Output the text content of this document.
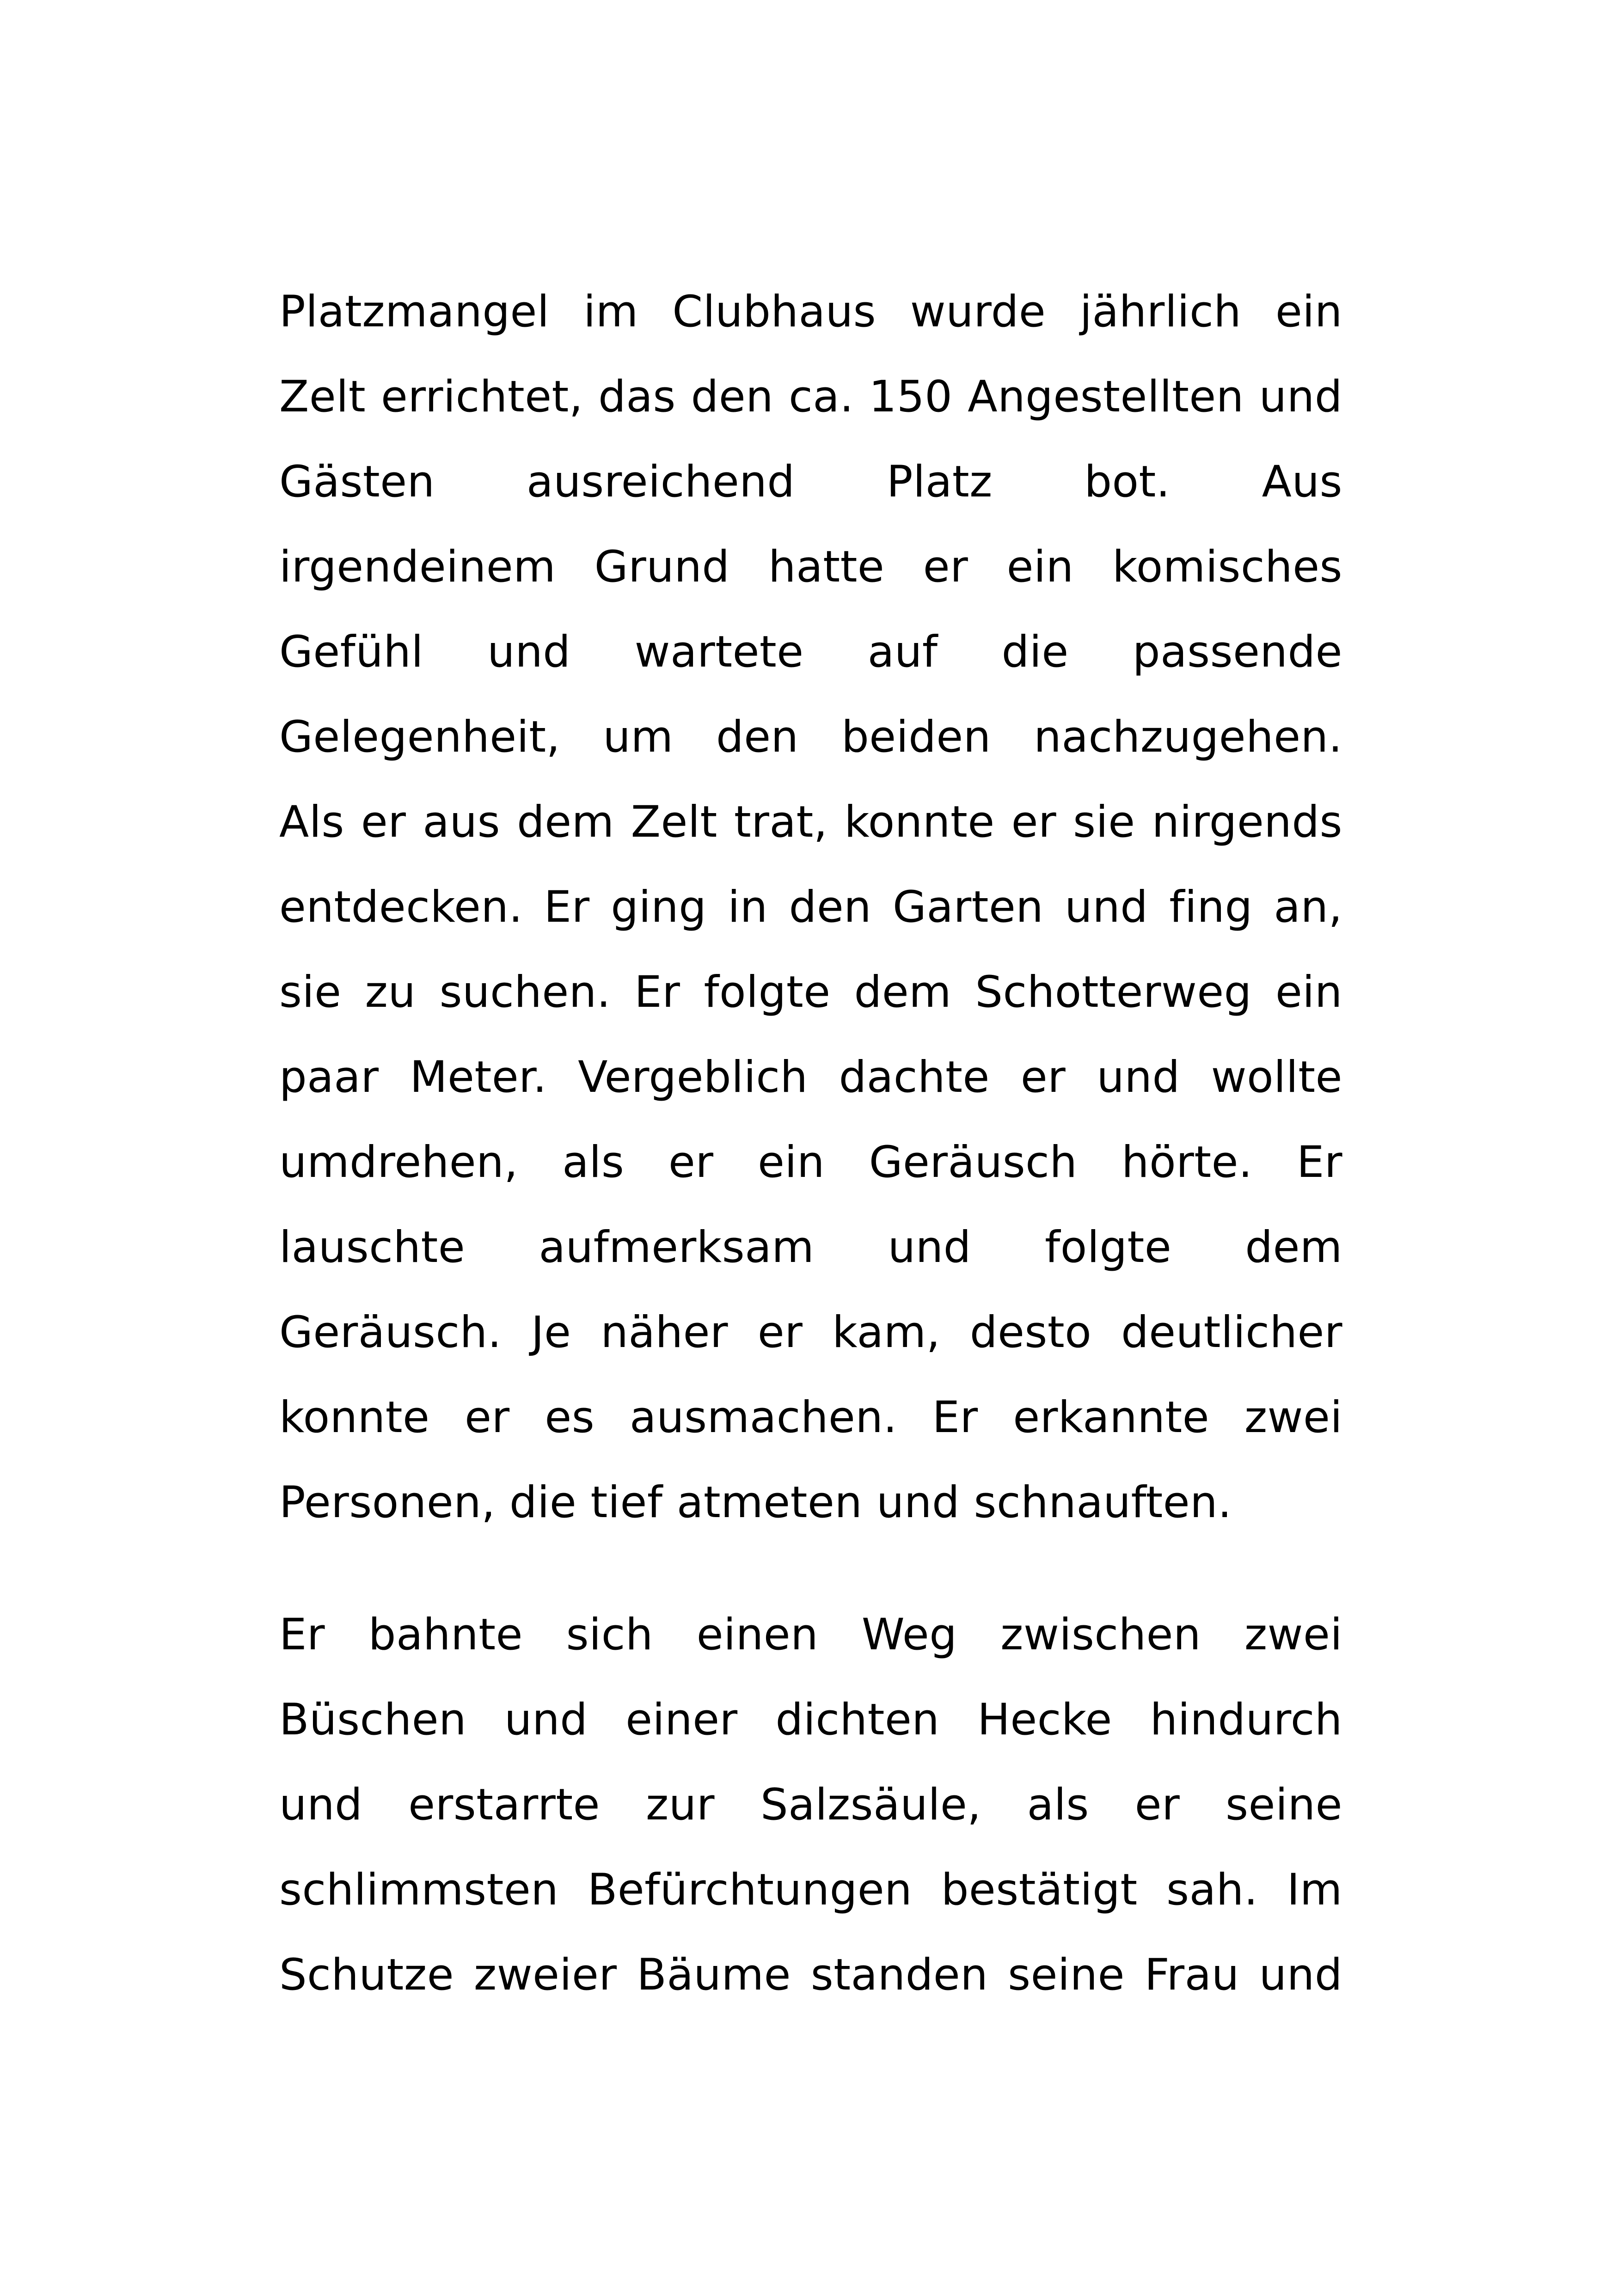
Platzmangel im Clubhaus wurde jährlich ein
Zelt errichtet, das den ca. 150 Angestellten und
Gästen ausreichend Platz bot. Aus
irgendeinem Grund hatte er ein komisches
Gefühl und wartete auf die passende
Gelegenheit, um den beiden nachzugehen.
Als er aus dem Zelt trat, konnte er sie nirgends
entdecken. Er ging in den Garten und fing an,
sie zu suchen. Er folgte dem Schotterweg ein
paar Meter. Vergeblich dachte er und wollte
umdrehen, als er ein Geräusch hörte. Er
lauschte aufmerksam und folgte dem
Geräusch. Je näher er kam, desto deutlicher
konnte er es ausmachen. Er erkannte zwei
Personen, die tief atmeten und schnauften.
Er bahnte sich einen Weg zwischen zwei
Büschen und einer dichten Hecke hindurch
und erstarrte zur Salzsäule, als er seine
schlimmsten Befürchtungen bestätigt sah. Im
Schutze zweier Bäume standen seine Frau und
